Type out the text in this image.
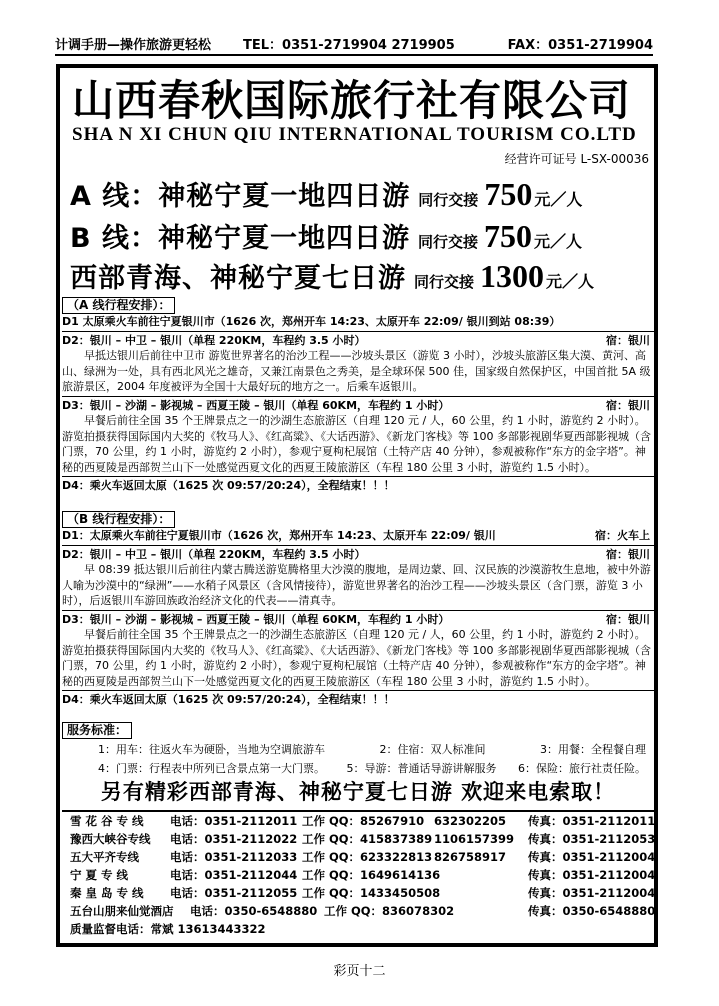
计调手册—操作旅游更轻松 TEL：0351-2719904 2719905	FAX：0351-2719904
山西春秋国际旅行社有限公司
SHA N XI CHUN QIU INTERNATIONAL TOURISM CO.LTD
经营许可证号 L-SX-00036
A 线：神秘宁夏一地四日游 同行交接 750 元／人
B 线：神秘宁夏一地四日游 同行交接 750 元／人
西部青海、神秘宁夏七日游 同行交接 1300 元／人
（A 线行程安排）：
D1 太原乘火车前往宁夏银川市（1626 次，郑州开车 14:23、太原开车 22:09/ 银川到站 08:39）
D2：银川 – 中卫 – 银川（单程 220KM，车程约 3.5 小时）	宿：银川
早抵达银川后前往中卫市 游览世界著名的治沙工程——沙坡头景区（游览 3 小时），沙坡头旅游区集大漠、黄河、高山、绿洲为一处，具有西北风光之雄奇，又兼江南景色之秀美，是全球环保 500 佳，国家级自然保护区，中国首批 5A 级旅游景区，2004 年度被评为全国十大最好玩的地方之一。后乘车返银川。
D3：银川 – 沙湖 – 影视城 – 西夏王陵 – 银川（单程 60KM，车程约 1 小时）	宿：银川
早餐后前往全国 35 个王牌景点之一的沙湖生态旅游区（自理 120 元 / 人，60 公里，约 1 小时，游览约 2 小时）。游览拍摄获得国际国内大奖的《牧马人》、《红高粱》、《大话西游》、《新龙门客栈》等 100 多部影视剧华夏西部影视城（含门票，70 公里，约 1 小时，游览约 2 小时），参观宁夏枸杞展馆（土特产店 40 分钟），参观被称作“东方的金字塔”。神秘的西夏陵是西部贺兰山下一处感觉西夏文化的西夏王陵旅游区（车程 180 公里 3 小时，游览约 1.5 小时）。
D4：乘火车返回太原（1625 次 09:57/20:24），全程结束！！！
（B 线行程安排）：
D1：太原乘火车前往宁夏银川市（1626 次，郑州开车 14:23、太原开车 22:09/ 银川	宿：火车上
D2：银川 – 中卫 – 银川（单程 220KM，车程约 3.5 小时）	宿：银川
早 08:39 抵达银川后前往内蒙古腾送游览腾格里大沙漠的腹地，是周边蒙、回、汉民族的沙漠游牧生息地，被中外游人喻为沙漠中的“绿洲”——水稍子风景区（含风情接待），游览世界著名的治沙工程——沙坡头景区（含门票，游览 3 小时），后返银川车游回族政治经济文化的代表——清真寺。
D3：银川 – 沙湖 – 影视城 – 西夏王陵 – 银川（单程 60KM，车程约 1 小时）	宿：银川
早餐后前往全国 35 个王牌景点之一的沙湖生态旅游区（自理 120 元 / 人，60 公里，约 1 小时，游览约 2 小时）。游览拍摄获得国际国内大奖的《牧马人》、《红高粱》、《大话西游》、《新龙门客栈》等 100 多部影视剧华夏西部影视城（含门票，70 公里，约 1 小时，游览约 2 小时），参观宁夏枸杞展馆（土特产店 40 分钟），参观被称作“东方的金字塔”。神秘的西夏陵是西部贺兰山下一处感觉西夏文化的西夏王陵旅游区（车程 180 公里 3 小时，游览约 1.5 小时）。
D4：乘火车返回太原（1625 次 09:57/20:24），全程结束！！！
服务标准：
1：用车：往返火车为硬卧，当地为空调旅游车	2：住宿：双人标准间	3：用餐：全程餐自理
4：门票：行程表中所列已含景点第一大门票。 5：导游：普通话导游讲解服务 6：保险：旅行社责任险。
另有精彩西部青海、神秘宁夏七日游 欢迎来电索取！
雪 花 谷 专 线 电话：0351-2112011 工作 QQ：85267910 632302205 传真：0351-2112011
豫西大峡谷专线 电话：0351-2112022 工作 QQ：415837389 1106157399 传真：0351-2112053
五大平齐专线	电话：0351-2112033 工作 QQ：623322813 826758917 传真：0351-2112004
宁 夏 专 线	电话：0351-2112044 工作 QQ：1649614136	传真：0351-2112004
秦 皇 岛 专 线 电话：0351-2112055 工作 QQ：1433450508	传真：0351-2112004
五台山朋来仙觉酒店 电话：0350-6548880 工作 QQ：836078302	传真：0350-6548880
质量监督电话：常斌 13613443322
彩页十二
